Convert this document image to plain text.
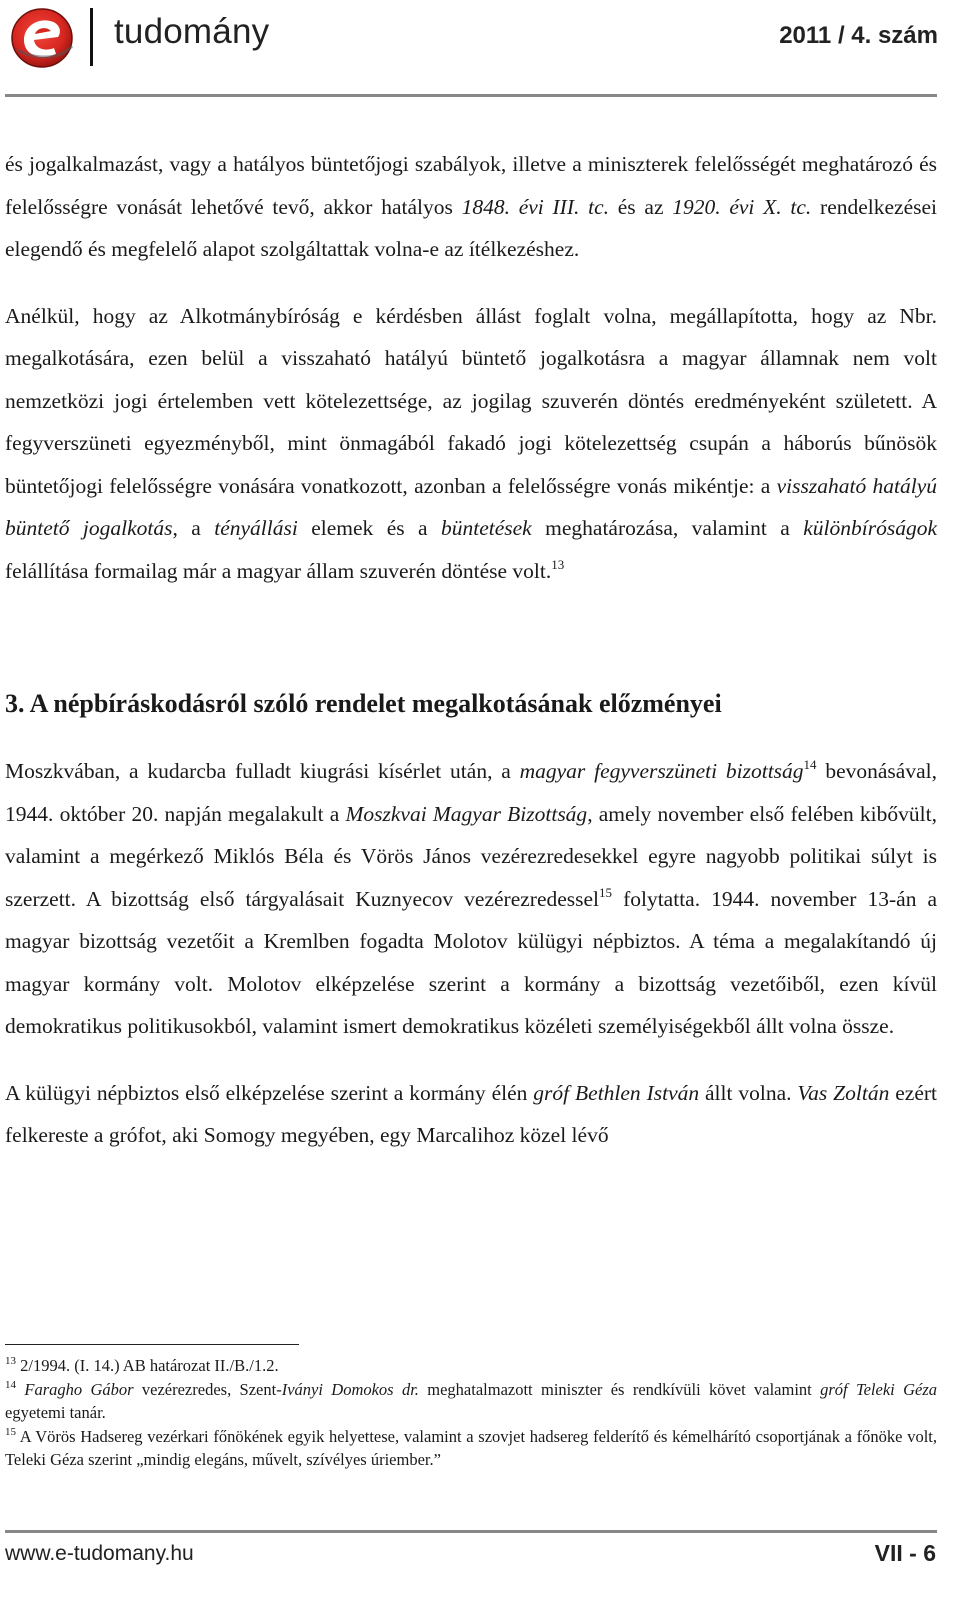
tudomány	2011 / 4. szám

és jogalkalmazást, vagy a hatályos büntetőjogi szabályok, illetve a miniszterek felelősségét meghatározó és felelősségre vonását lehetővé tevő, akkor hatályos 1848. évi III. tc. és az 1920. évi X. tc. rendelkezései elegendő és megfelelő alapot szolgáltattak volna-e az ítélkezéshez.

Anélkül, hogy az Alkotmánybíróság e kérdésben állást foglalt volna, megállapította, hogy az Nbr. megalkotására, ezen belül a visszaható hatályú büntető jogalkotásra a magyar államnak nem volt nemzetközi jogi értelemben vett kötelezettsége, az jogilag szuverén döntés eredményeként született. A fegyverszüneti egyezményből, mint önmagából fakadó jogi kötelezettség csupán a háborús bűnösök büntetőjogi felelősségre vonására vonatkozott, azonban a felelősségre vonás mikéntje: a visszaható hatályú büntető jogalkotás, a tényállási elemek és a büntetések meghatározása, valamint a különbíróságok felállítása formailag már a magyar állam szuverén döntése volt.$^{13}$

3. A népbíráskodásról szóló rendelet megalkotásának előzményei

Moszkvában, a kudarcba fulladt kiugrási kísérlet után, a magyar fegyverszüneti bizottság$^{14}$ bevonásával, 1944. október 20. napján megalakult a Moszkvai Magyar Bizottság, amely november első felében kibővült, valamint a megérkező Miklós Béla és Vörös János vezérezredesekkel egyre nagyobb politikai súlyt is szerzett. A bizottság első tárgyalásait Kuznyecov vezérezredessel$^{15}$ folytatta. 1944. november 13-án a magyar bizottság vezetőit a Kremlben fogadta Molotov külügyi népbiztos. A téma a megalakítandó új magyar kormány volt. Molotov elképzelése szerint a kormány a bizottság vezetőiből, ezen kívül demokratikus politikusokból, valamint ismert demokratikus közéleti személyiségekből állt volna össze.

A külügyi népbiztos első elképzelése szerint a kormány élén gróf Bethlen István állt volna. Vas Zoltán ezért felkereste a grófot, aki Somogy megyében, egy Marcalihoz közel lévő

$^{13}$ 2/1994. (I. 14.) AB határozat II./B./1.2.

$^{14}$ Faragho Gábor vezérezredes, Szent-Iványi Domokos dr. meghatalmazott miniszter és rendkívüli követ valamint gróf Teleki Géza egyetemi tanár.

$^{15}$ A Vörös Hadsereg vezérkari főnökének egyik helyettese, valamint a szovjet hadsereg felderítő és kémelhárító csoportjának a főnöke volt, Teleki Géza szerint „mindig elegáns, művelt, szívélyes úriember.”

www.e-tudomany.hu	VII - 6
